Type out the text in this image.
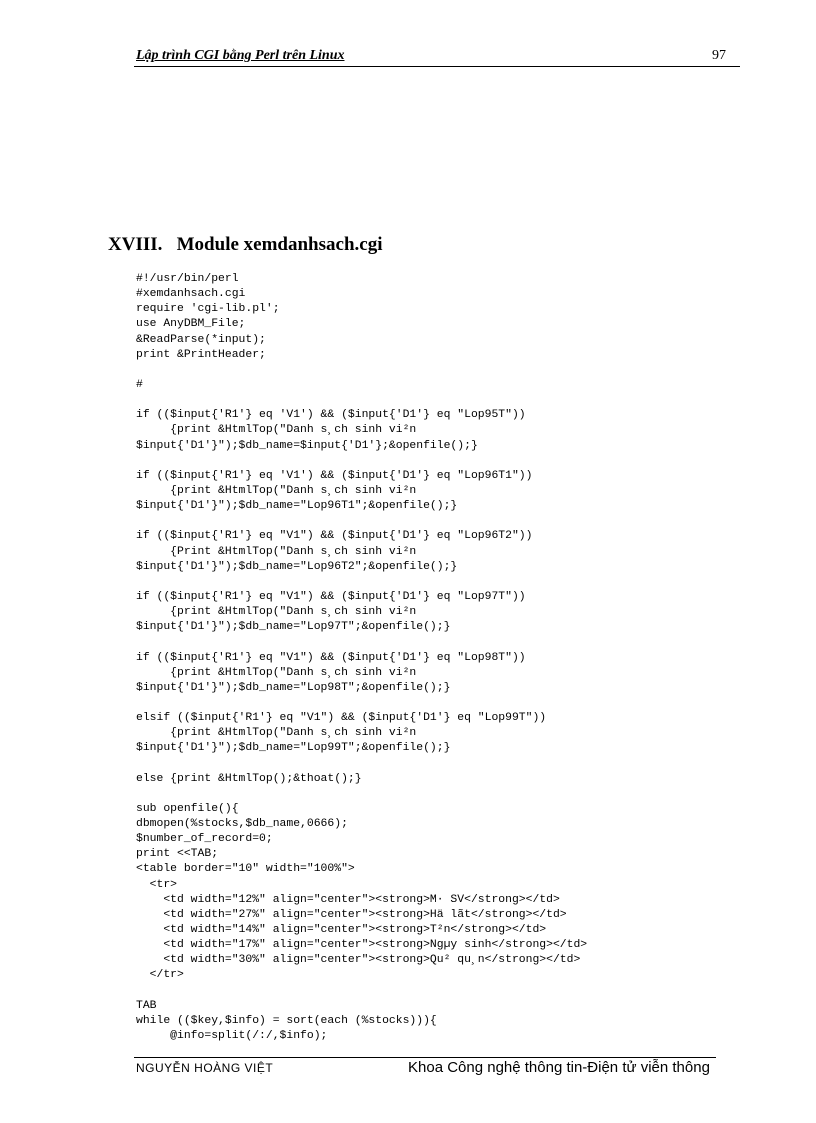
Lập trình CGI bằng Perl trên Linux	97
XVIII.   Module xemdanhsach.cgi
#!/usr/bin/perl
#xemdanhsach.cgi
require 'cgi-lib.pl';
use AnyDBM_File;
&ReadParse(*input);
print &PrintHeader;
#
if (($input{'R1'} eq 'V1') && ($input{'D1'} eq "Lop95T"))
{print &HtmlTop("Danh s¸ch sinh vi²n
$input{'D1'}");$db_name=$input{'D1'};&openfile();}
if (($input{'R1'} eq 'V1') && ($input{'D1'} eq "Lop96T1"))
{print &HtmlTop("Danh s¸ch sinh vi²n
$input{'D1'}");$db_name="Lop96T1";&openfile();}
if (($input{'R1'} eq "V1") && ($input{'D1'} eq "Lop96T2"))
{Print &HtmlTop("Danh s¸ch sinh vi²n
$input{'D1'}");$db_name="Lop96T2";&openfile();}
if (($input{'R1'} eq "V1") && ($input{'D1'} eq "Lop97T"))
{print &HtmlTop("Danh s¸ch sinh vi²n
$input{'D1'}");$db_name="Lop97T";&openfile();}
if (($input{'R1'} eq "V1") && ($input{'D1'} eq "Lop98T"))
{print &HtmlTop("Danh s¸ch sinh vi²n
$input{'D1'}");$db_name="Lop98T";&openfile();}
elsif (($input{'R1'} eq "V1") && ($input{'D1'} eq "Lop99T"))
{print &HtmlTop("Danh s¸ch sinh vi²n
$input{'D1'}");$db_name="Lop99T";&openfile();}
else {print &HtmlTop();&thoat();}
sub openfile(){
dbmopen(%stocks,$db_name,0666);
$number_of_record=0;
print <<TAB;
<table border="10" width="100%">
<tr>
<td width="12%" align="center"><strong>M· SV</strong></td>
<td width="27%" align="center"><strong>Hä lãt</strong></td>
<td width="14%" align="center"><strong>T²n</strong></td>
<td width="17%" align="center"><strong>Ngµy sinh</strong></td>
<td width="30%" align="center"><strong>Qu² qu¸n</strong></td>
</tr>
TAB
while (($key,$info) = sort(each (%stocks))){
@info=split(/:/,$info);
NGUYỄN HOÀNG VIỆT	Khoa Công nghệ thông tin-Điện tử viễn thông
